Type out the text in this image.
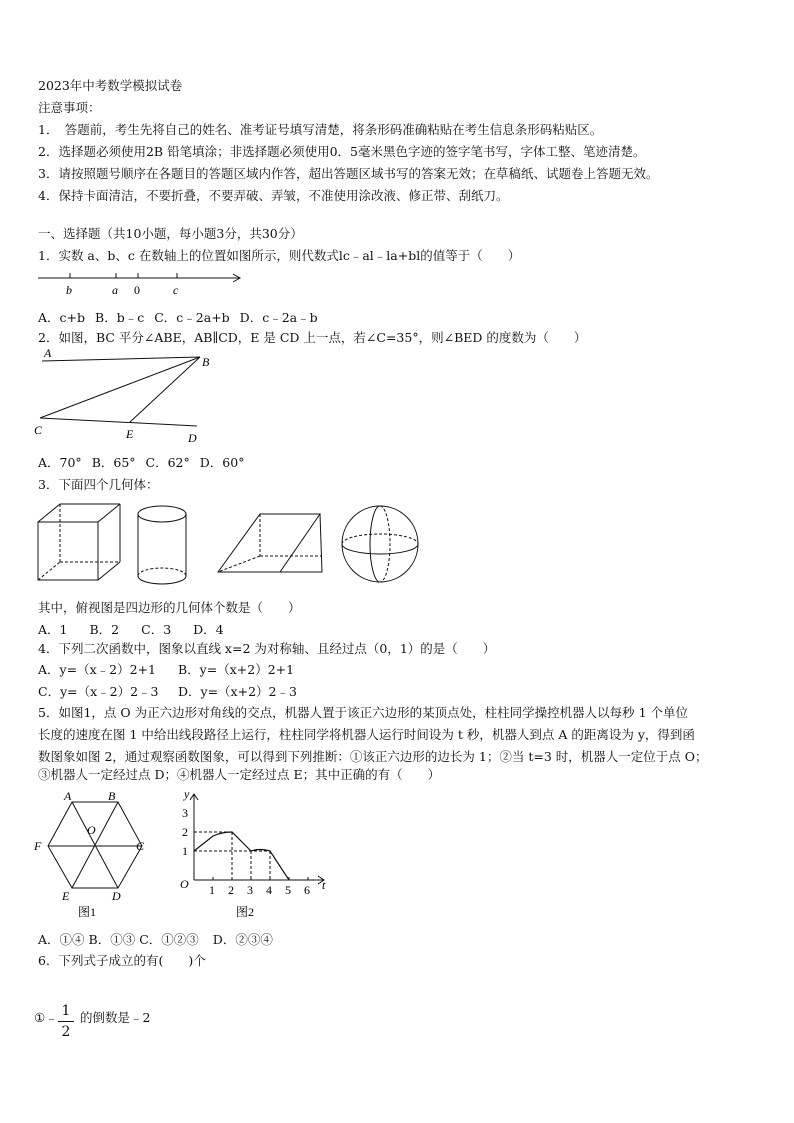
2023年中考数学模拟试卷
注意事项：
1．　答题前，考生先将自己的姓名、准考证号填写清楚，将条形码准确粘贴在考生信息条形码粘贴区。
2．选择题必须使用2B 铅笔填涂；非选择题必须使用0．5毫米黑色字迹的签字笔书写，字体工整、笔迹清楚。
3．请按照题号顺序在各题目的答题区域内作答，超出答题区域书写的答案无效；在草稿纸、试题卷上答题无效。
4．保持卡面清洁，不要折叠，不要弄破、弄皱，不准使用涂改液、修正带、刮纸刀。
一、选择题（共10小题，每小题3分，共30分）
1．实数 a、b、c 在数轴上的位置如图所示，则代数式lc﹣al﹣la+bl的值等于（　　）
b	a 0	c
A．c+b B．b﹣c C．c﹣2a+b D．c﹣2a﹣b
2．如图，BC 平分∠ABE，AB∥CD，E 是 CD 上一点，若∠C=35°，则∠BED 的度数为（　　）
A
B
C	E	D
A．70° B．65° C．62° D．60°
3．下面四个几何体：
其中，俯视图是四边形的几何体个数是（　　）
A．1 B．2 C．3 D．4
4．下列二次函数中，图象以直线 x=2 为对称轴、且经过点（0，1）的是（　　）
A．y=（x﹣2）2+1 B．y=（x+2）2+1
C．y=（x﹣2）2﹣3 D．y=（x+2）2﹣3
5．如图1，点 O 为正六边形对角线的交点，机器人置于该正六边形的某顶点处，柱柱同学操控机器人以每秒 1 个单位
长度的速度在图 1 中给出线段路径上运行，柱柱同学将机器人运行时间设为 t 秒，机器人到点 A 的距离设为 y，得到函
数图象如图 2，通过观察函数图象，可以得到下列推断：①该正六边形的边长为 1；②当 t=3 时，机器人一定位于点 O；
③机器人一定经过点 D；④机器人一定经过点 E；其中正确的有（　　）
A	B
C
D
E
F
O
图1
y
t
O 1 2 3 4 5 6
1
2
3
图2
A．①④ B．①③ C．①②③ D．②③④
6．下列式子成立的有(　　)个
1
2
①﹣ 的倒数是﹣2
